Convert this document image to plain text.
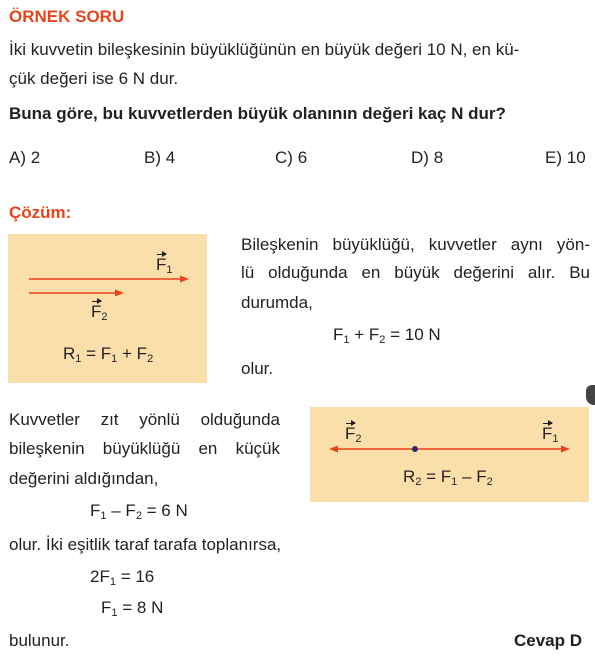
ÖRNEK SORU
İki kuvvetin bileşkesinin büyüklüğünün en büyük değeri 10 N, en kü-
çük değeri ise 6 N dur.
Buna göre, bu kuvvetlerden büyük olanının değeri kaç N dur?
A) 2	B) 4	C) 6	D) 8	E) 10
Çözüm:
$F_1$
$F_2$
$R_1 = F_1 + F_2$
Bileşkenin büyüklüğü, kuvvetler aynı yön-
lü olduğunda en büyük değerini alır. Bu
durumda,
$F_1 + F_2 = 10$ N
olur.
Kuvvetler zıt yönlü olduğunda
bileşkenin büyüklüğü en küçük
değerini aldığından,
$F_1 - F_2 = 6$ N
olur. İki eşitlik taraf tarafa toplanırsa,
$2F_1 = 16$
$F_1 = 8$ N
bulunur.
$F_2$	$F_1$
$R_2 = F_1 - F_2$
Cevap D
